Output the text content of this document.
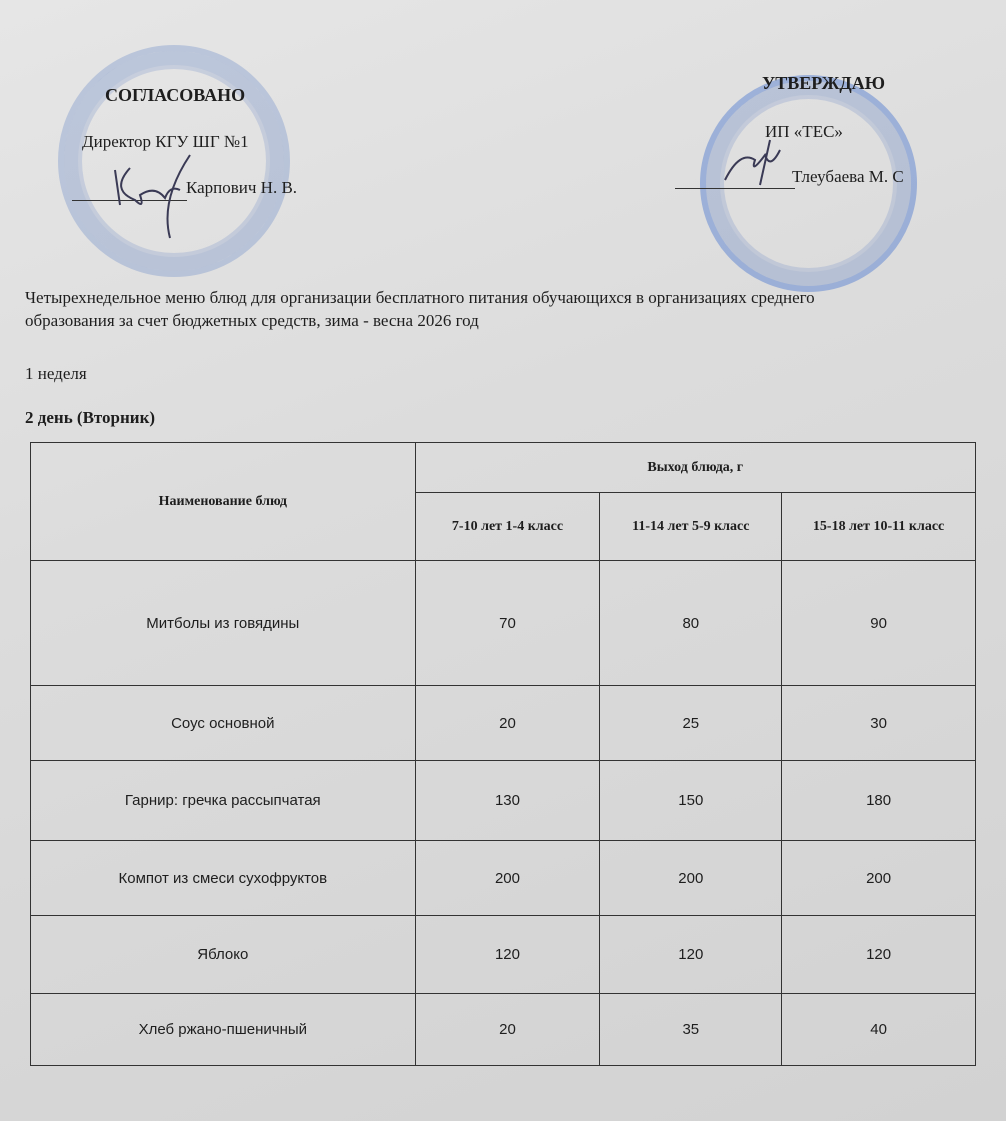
СОГЛАСОВАНО
Директор КГУ ШГ №1
Карпович Н. В.
УТВЕРЖДАЮ
ИП «ТЕС»
Тлеубаева М. С
Четырехнедельное меню блюд для организации бесплатного питания обучающихся в организациях среднего
образования за счет бюджетных средств, зима - весна 2026 год
1 неделя
2 день (Вторник)
Наименование блюд	Выход блюда, г		
	7-10 лет 1-4 класс	11-14 лет 5-9 класс	15-18 лет 10-11 класс
Митболы из говядины	70	80	90
Соус основной	20	25	30
Гарнир: гречка рассыпчатая	130	150	180
Компот из смеси сухофруктов	200	200	200
Яблоко	120	120	120
Хлеб ржано-пшеничный	20	35	40
